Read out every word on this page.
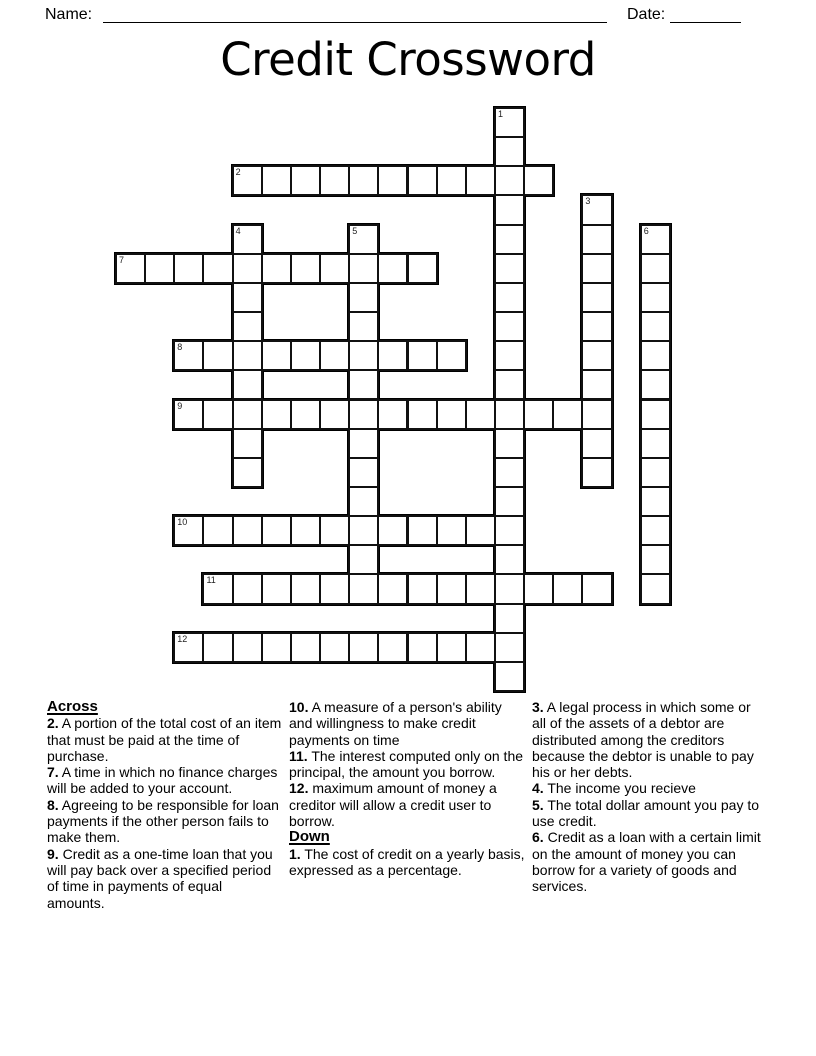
Name:	Date:
Credit Crossword
1
2
3
4	5	6
7
8
9
10
11
12
Across
2. A portion of the total cost of an item that must be paid at the time of purchase.
7. A time in which no finance charges will be added to your account.
8. Agreeing to be responsible for loan payments if the other person fails to make them.
9. Credit as a one-time loan that you will pay back over a specified period of time in payments of equal amounts.
10. A measure of a person's ability and willingness to make credit payments on time
11. The interest computed only on the principal, the amount you borrow.
12. maximum amount of money a creditor will allow a credit user to borrow.
Down
1. The cost of credit on a yearly basis, expressed as a percentage.
3. A legal process in which some or all of the assets of a debtor are distributed among the creditors because the debtor is unable to pay his or her debts.
4. The income you recieve
5. The total dollar amount you pay to use credit.
6. Credit as a loan with a certain limit on the amount of money you can borrow for a variety of goods and services.
